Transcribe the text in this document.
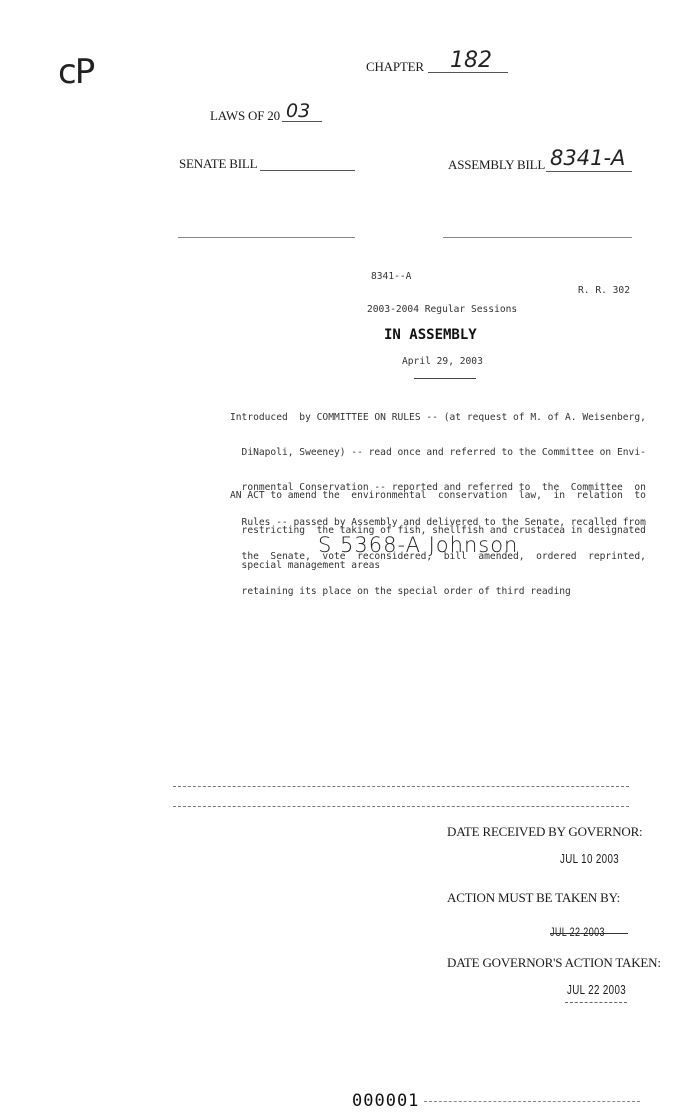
cP	CHAPTER 182
LAWS OF 20 03
SENATE BILL	ASSEMBLY BILL 8341-A
8341--A
R. R. 302
2003-2004 Regular Sessions
IN ASSEMBLY
April 29, 2003

Introduced  by COMMITTEE ON RULES -- (at request of M. of A. Weisenberg,

DiNapoli, Sweeney) -- read once and referred to the Committee on Envi-

ronmental Conservation -- reported and referred to  the  Committee  on

Rules -- passed by Assembly and delivered to the Senate, recalled from

the  Senate,  vote  reconsidered,  bill  amended,  ordered  reprinted,

retaining its place on the special order of third reading

AN ACT to amend the  environmental  conservation  law,  in  relation  to

restricting  the taking of fish, shellfish and crustacea in designated

special management areas

S 5368-A Johnson
DATE RECEIVED BY GOVERNOR:
JUL 10 2003
ACTION MUST BE TAKEN BY:
JUL 22 2003
DATE GOVERNOR'S ACTION TAKEN:
JUL 22 2003
000001
